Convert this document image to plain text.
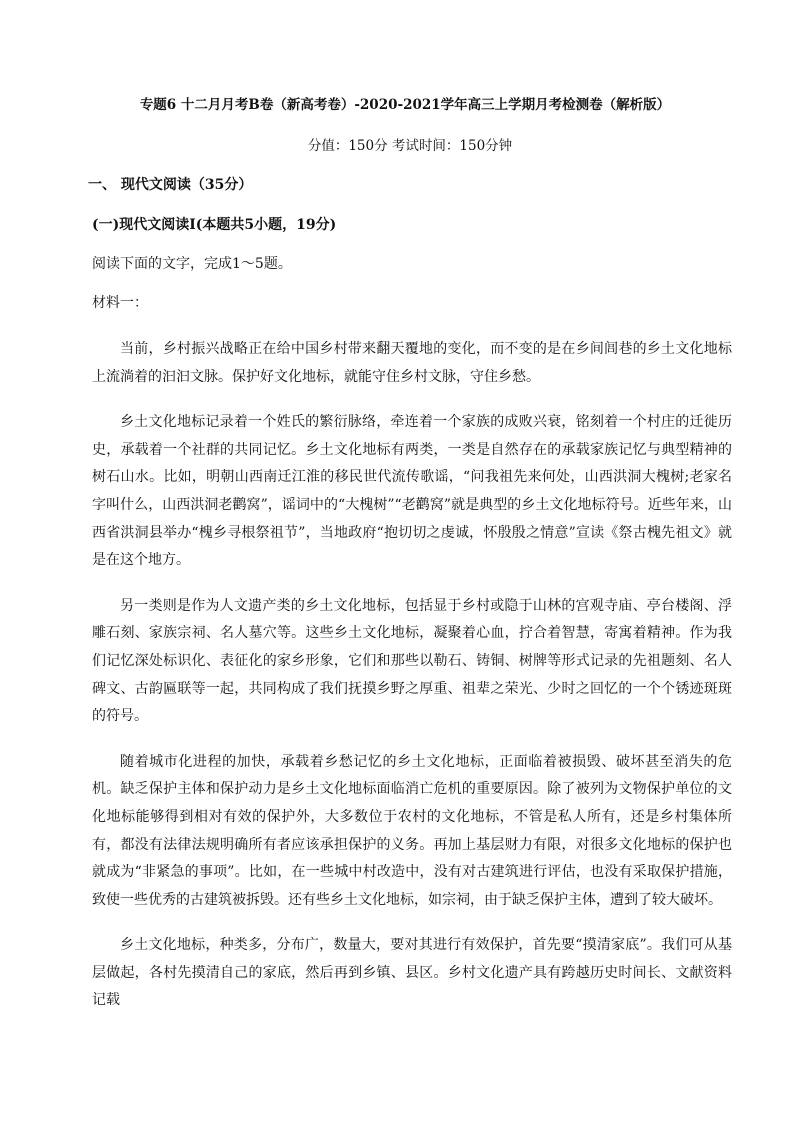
专题6 十二月月考B卷（新高考卷）-2020-2021学年高三上学期月考检测卷（解析版）
分值：150分 考试时间：150分钟
一、 现代文阅读（35分）
(一)现代文阅读Ⅰ(本题共5小题，19分)
阅读下面的文字，完成1～5题。
材料一：

当前，乡村振兴战略正在给中国乡村带来翻天覆地的变化，而不变的是在乡间闾巷的乡土文化地标上流淌着的汩汩文脉。保护好文化地标，就能守住乡村文脉，守住乡愁。

乡土文化地标记录着一个姓氏的繁衍脉络，牵连着一个家族的成败兴衰，铭刻着一个村庄的迁徙历史，承载着一个社群的共同记忆。乡土文化地标有两类，一类是自然存在的承载家族记忆与典型精神的树石山水。比如，明朝山西南迁江淮的移民世代流传歌谣，“问我祖先来何处，山西洪洞大槐树;老家名字叫什么，山西洪洞老鹳窝”，谣词中的“大槐树”“老鹳窝”就是典型的乡土文化地标符号。近些年来，山西省洪洞县举办“槐乡寻根祭祖节”，当地政府“抱切切之虔诚，怀殷殷之情意”宣读《祭古槐先祖文》就是在这个地方。

另一类则是作为人文遗产类的乡土文化地标，包括显于乡村或隐于山林的宫观寺庙、亭台楼阁、浮雕石刻、家族宗祠、名人墓穴等。这些乡土文化地标，凝聚着心血，拧合着智慧，寄寓着精神。作为我们记忆深处标识化、表征化的家乡形象，它们和那些以勒石、铸铜、树牌等形式记录的先祖题刻、名人碑文、古韵匾联等一起，共同构成了我们抚摸乡野之厚重、祖辈之荣光、少时之回忆的一个个锈迹斑斑的符号。

随着城市化进程的加快，承载着乡愁记忆的乡土文化地标，正面临着被损毁、破坏甚至消失的危机。缺乏保护主体和保护动力是乡土文化地标面临消亡危机的重要原因。除了被列为文物保护单位的文化地标能够得到相对有效的保护外，大多数位于农村的文化地标，不管是私人所有，还是乡村集体所有，都没有法律法规明确所有者应该承担保护的义务。再加上基层财力有限，对很多文化地标的保护也就成为“非紧急的事项”。比如，在一些城中村改造中，没有对古建筑进行评估，也没有采取保护措施，致使一些优秀的古建筑被拆毁。还有些乡土文化地标，如宗祠，由于缺乏保护主体，遭到了较大破坏。

乡土文化地标，种类多，分布广，数量大，要对其进行有效保护，首先要“摸清家底”。我们可从基层做起，各村先摸清自己的家底，然后再到乡镇、县区。乡村文化遗产具有跨越历史时间长、文献资料记载
